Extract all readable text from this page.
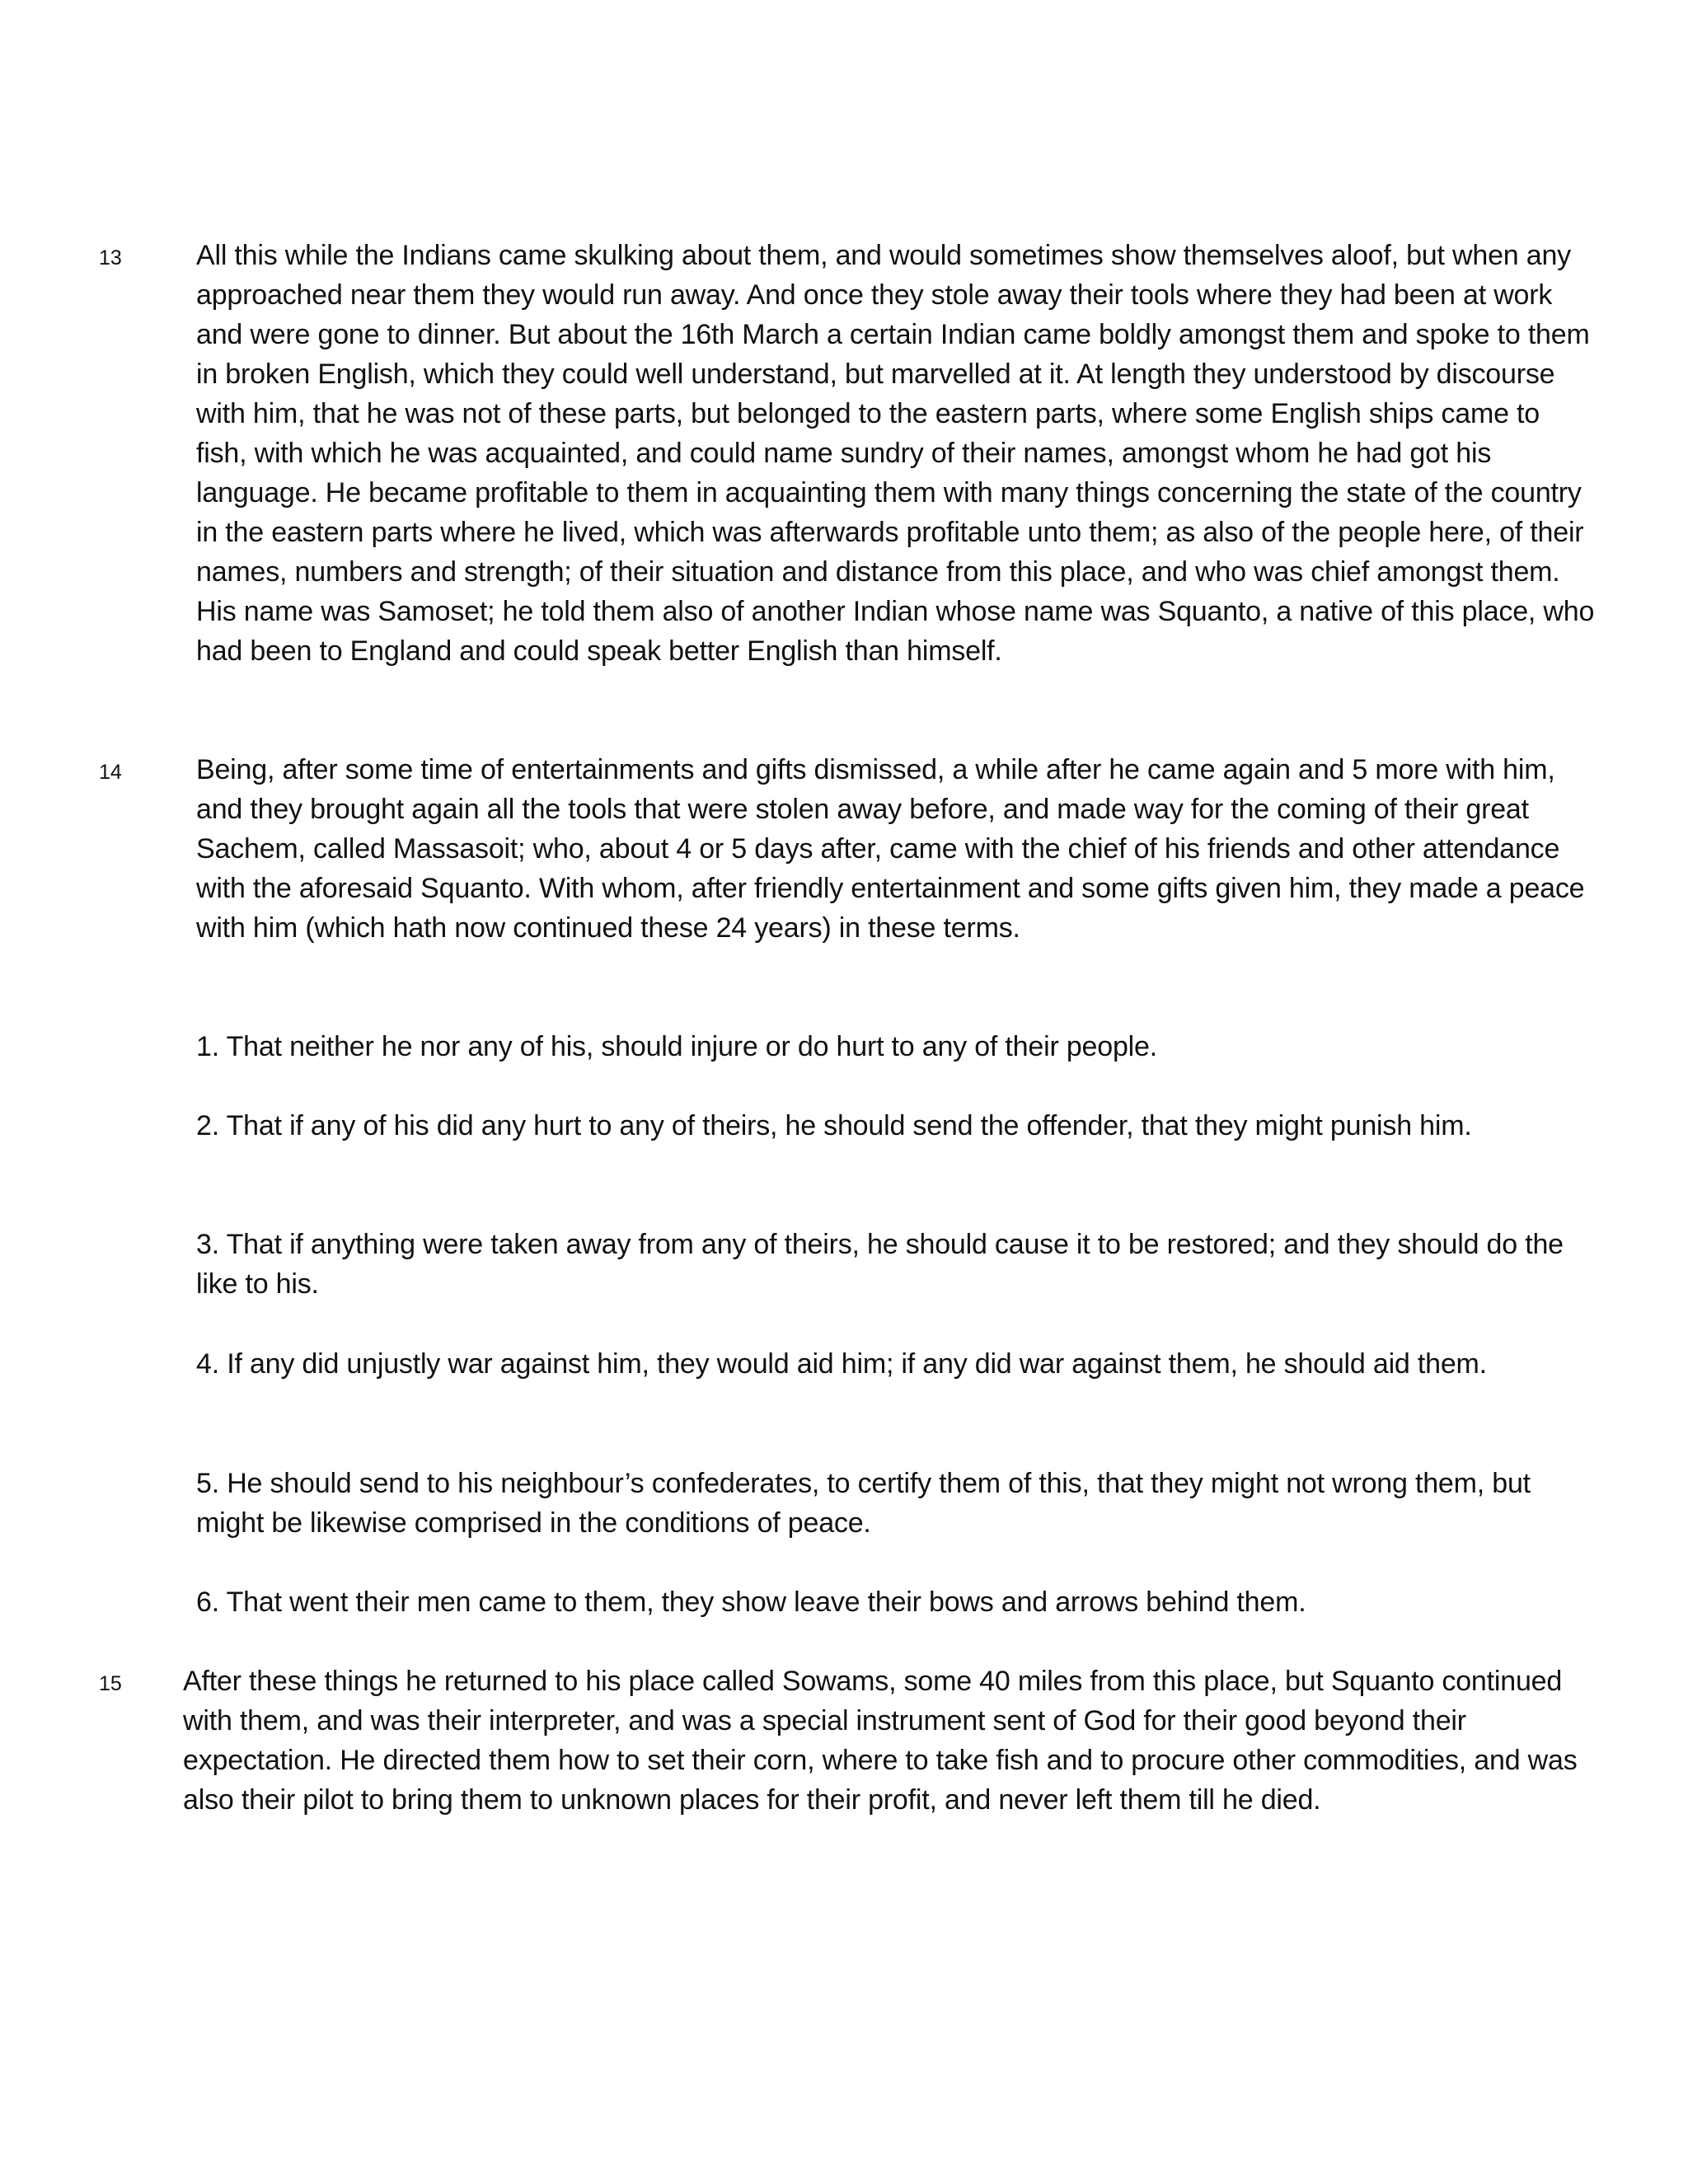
13	All this while the Indians came skulking about them, and would sometimes show themselves aloof, but when any approached near them they would run away. And once they stole away their tools where they had been at work and were gone to dinner. But about the 16th March a certain Indian came boldly amongst them and spoke to them in broken English, which they could well understand, but marvelled at it. At length they understood by discourse with him, that he was not of these parts, but belonged to the eastern parts, where some English ships came to fish, with which he was acquainted, and could name sundry of their names, amongst whom he had got his language. He became profitable to them in acquainting them with many things concerning the state of the country in the eastern parts where he lived, which was afterwards profitable unto them; as also of the people here, of their names, numbers and strength; of their situation and distance from this place, and who was chief amongst them. His name was Samoset; he told them also of another Indian whose name was Squanto, a native of this place, who had been to England and could speak better English than himself.
14	Being, after some time of entertainments and gifts dismissed, a while after he came again and 5 more with him, and they brought again all the tools that were stolen away before, and made way for the coming of their great Sachem, called Massasoit; who, about 4 or 5 days after, came with the chief of his friends and other attendance with the aforesaid Squanto. With whom, after friendly entertainment and some gifts given him, they made a peace with him (which hath now continued these 24 years) in these terms.
1. That neither he nor any of his, should injure or do hurt to any of their people.
2. That if any of his did any hurt to any of theirs, he should send the offender, that they might punish him.
3. That if anything were taken away from any of theirs, he should cause it to be restored; and they should do the like to his.
4. If any did unjustly war against him, they would aid him; if any did war against them, he should aid them.
5. He should send to his neighbour’s confederates, to certify them of this, that they might not wrong them, but might be likewise comprised in the conditions of peace.
6. That went their men came to them, they show leave their bows and arrows behind them.
15 After these things he returned to his place called Sowams, some 40 miles from this place, but Squanto continued with them, and was their interpreter, and was a special instrument sent of God for their good beyond their expectation. He directed them how to set their corn, where to take fish and to procure other commodities, and was also their pilot to bring them to unknown places for their profit, and never left them till he died.
